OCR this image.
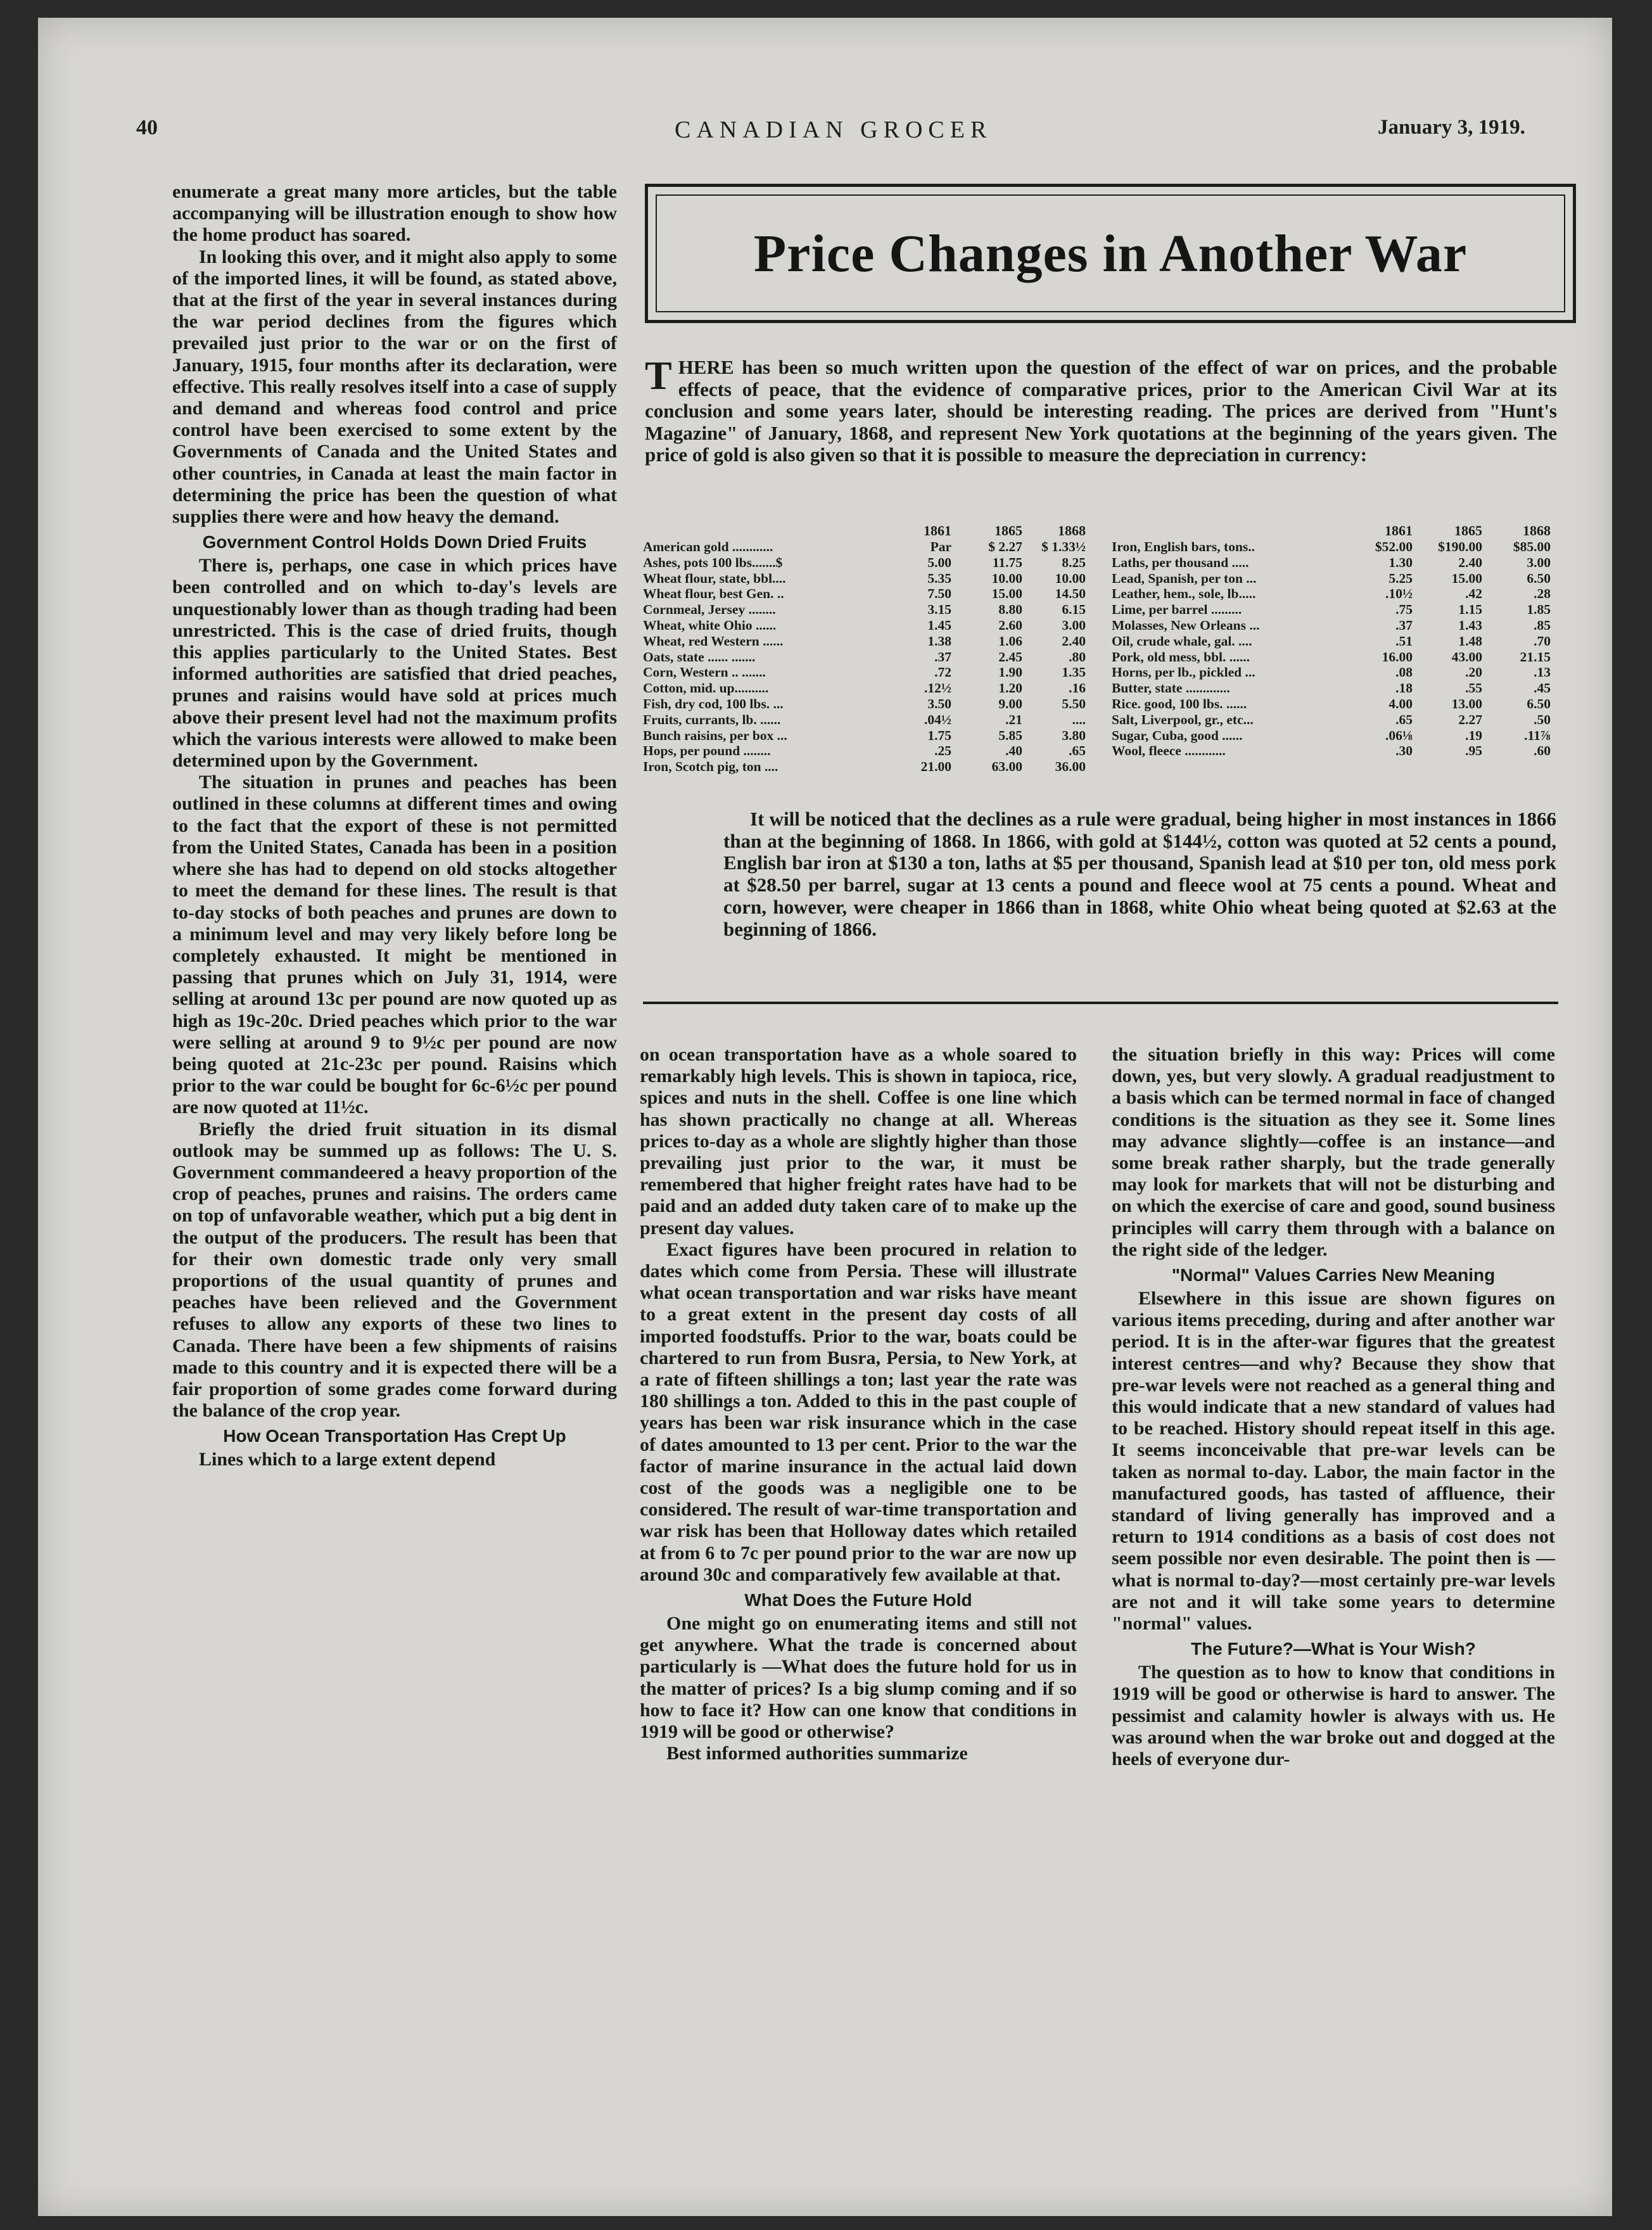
40	CANADIAN GROCER	January 3, 1919.

enumerate a great many more articles, but the table accompanying will be illustration enough to show how the home product has soared.

In looking this over, and it might also apply to some of the imported lines, it will be found, as stated above, that at the first of the year in several instances during the war period declines from the figures which prevailed just prior to the war or on the first of January, 1915, four months after its declaration, were effective. This really resolves itself into a case of supply and demand and whereas food control and price control have been exercised to some extent by the Governments of Canada and the United States and other countries, in Canada at least the main factor in determining the price has been the question of what supplies there were and how heavy the demand.

Government Control Holds Down Dried Fruits

There is, perhaps, one case in which prices have been controlled and on which to-day's levels are unquestionably lower than as though trading had been unrestricted. This is the case of dried fruits, though this applies particularly to the United States. Best informed authorities are satisfied that dried peaches, prunes and raisins would have sold at prices much above their present level had not the maximum profits which the various interests were allowed to make been determined upon by the Government.

The situation in prunes and peaches has been outlined in these columns at different times and owing to the fact that the export of these is not permitted from the United States, Canada has been in a position where she has had to depend on old stocks altogether to meet the demand for these lines. The result is that to-day stocks of both peaches and prunes are down to a minimum level and may very likely before long be completely exhausted. It might be mentioned in passing that prunes which on July 31, 1914, were selling at around 13c per pound are now quoted up as high as 19c-20c. Dried peaches which prior to the war were selling at around 9 to 9½c per pound are now being quoted at 21c-23c per pound. Raisins which prior to the war could be bought for 6c-6½c per pound are now quoted at 11½c.

Briefly the dried fruit situation in its dismal outlook may be summed up as follows: The U. S. Government commandeered a heavy proportion of the crop of peaches, prunes and raisins. The orders came on top of unfavorable weather, which put a big dent in the output of the producers. The result has been that for their own domestic trade only very small proportions of the usual quantity of prunes and peaches have been relieved and the Government refuses to allow any exports of these two lines to Canada. There have been a few shipments of raisins made to this country and it is expected there will be a fair proportion of some grades come forward during the balance of the crop year.

How Ocean Transportation Has Crept Up

Lines which to a large extent depend

Price Changes in Another War
THERE has been so much written upon the question of the effect of war on prices, and the probable effects of peace, that the evidence of comparative prices, prior to the American Civil War at its conclusion and some years later, should be interesting reading. The prices are derived from "Hunt's Magazine" of January, 1868, and represent New York quotations at the beginning of the years given. The price of gold is also given so that it is possible to measure the depreciation in currency:
	1861	1865	1868
American gold ............	Par	$ 2.27	$ 1.33½
Ashes, pots 100 lbs.......$	5.00	11.75	8.25
Wheat flour, state, bbl....	5.35	10.00	10.00
Wheat flour, best Gen. ..	7.50	15.00	14.50
Cornmeal, Jersey ........	3.15	8.80	6.15
Wheat, white Ohio ......	1.45	2.60	3.00
Wheat, red Western ......	1.38	1.06	2.40
Oats, state ...... .......	.37	2.45	.80
Corn, Western .. .......	.72	1.90	1.35
Cotton, mid. up..........	.12½	1.20	.16
Fish, dry cod, 100 lbs. ...	3.50	9.00	5.50
Fruits, currants, lb. ......	.04½	.21	....
Bunch raisins, per box ...	1.75	5.85	3.80
Hops, per pound ........	.25	.40	.65
Iron, Scotch pig, ton ....	21.00	63.00	36.00
	1861	1865	1868
Iron, English bars, tons..	$52.00	$190.00	$85.00
Laths, per thousand .....	1.30	2.40	3.00
Lead, Spanish, per ton ...	5.25	15.00	6.50
Leather, hem., sole, lb.....	.10½	.42	.28
Lime, per barrel .........	.75	1.15	1.85
Molasses, New Orleans ...	.37	1.43	.85
Oil, crude whale, gal. ....	.51	1.48	.70
Pork, old mess, bbl. ......	16.00	43.00	21.15
Horns, per lb., pickled ...	.08	.20	.13
Butter, state .............	.18	.55	.45
Rice. good, 100 lbs. ......	4.00	13.00	6.50
Salt, Liverpool, gr., etc...	.65	2.27	.50
Sugar, Cuba, good ......	.06⅛	.19	.11⅞
Wool, fleece ............	.30	.95	.60
It will be noticed that the declines as a rule were gradual, being higher in most instances in 1866 than at the beginning of 1868. In 1866, with gold at $144½, cotton was quoted at 52 cents a pound, English bar iron at $130 a ton, laths at $5 per thousand, Spanish lead at $10 per ton, old mess pork at $28.50 per barrel, sugar at 13 cents a pound and fleece wool at 75 cents a pound. Wheat and corn, however, were cheaper in 1866 than in 1868, white Ohio wheat being quoted at $2.63 at the beginning of 1866.

on ocean transportation have as a whole soared to remarkably high levels. This is shown in tapioca, rice, spices and nuts in the shell. Coffee is one line which has shown practically no change at all. Whereas prices to-day as a whole are slightly higher than those prevailing just prior to the war, it must be remembered that higher freight rates have had to be paid and an added duty taken care of to make up the present day values.

Exact figures have been procured in relation to dates which come from Persia. These will illustrate what ocean transportation and war risks have meant to a great extent in the present day costs of all imported foodstuffs. Prior to the war, boats could be chartered to run from Busra, Persia, to New York, at a rate of fifteen shillings a ton; last year the rate was 180 shillings a ton. Added to this in the past couple of years has been war risk insurance which in the case of dates amounted to 13 per cent. Prior to the war the factor of marine insurance in the actual laid down cost of the goods was a negligible one to be considered. The result of war-time transportation and war risk has been that Holloway dates which retailed at from 6 to 7c per pound prior to the war are now up around 30c and comparatively few available at that.

What Does the Future Hold

One might go on enumerating items and still not get anywhere. What the trade is concerned about particularly is —What does the future hold for us in the matter of prices? Is a big slump coming and if so how to face it? How can one know that conditions in 1919 will be good or otherwise?

Best informed authorities summarize

the situation briefly in this way: Prices will come down, yes, but very slowly. A gradual readjustment to a basis which can be termed normal in face of changed conditions is the situation as they see it. Some lines may advance slightly—coffee is an instance—and some break rather sharply, but the trade generally may look for markets that will not be disturbing and on which the exercise of care and good, sound business principles will carry them through with a balance on the right side of the ledger.

"Normal" Values Carries New Meaning

Elsewhere in this issue are shown figures on various items preceding, during and after another war period. It is in the after-war figures that the greatest interest centres—and why? Because they show that pre-war levels were not reached as a general thing and this would indicate that a new standard of values had to be reached. History should repeat itself in this age. It seems inconceivable that pre-war levels can be taken as normal to-day. Labor, the main factor in the manufactured goods, has tasted of affluence, their standard of living generally has improved and a return to 1914 conditions as a basis of cost does not seem possible nor even desirable. The point then is — what is normal to-day?—most certainly pre-war levels are not and it will take some years to determine "normal" values.

The Future?—What is Your Wish?

The question as to how to know that conditions in 1919 will be good or otherwise is hard to answer. The pessimist and calamity howler is always with us. He was around when the war broke out and dogged at the heels of everyone dur-
